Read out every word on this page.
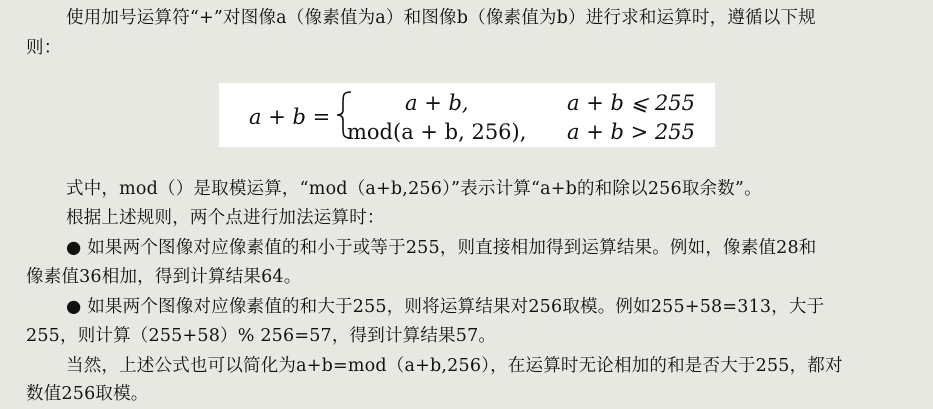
使用加号运算符“+”对图像a（像素值为a）和图像b（像素值为b）进行求和运算时，遵循以下规
则：
a + b =
a + b,	a + b ⩽ 255
mod(a + b, 256), a + b > 255
式中，mod（）是取模运算，“mod（a+b,256）”表示计算“a+b的和除以256取余数”。
根据上述规则，两个点进行加法运算时：
● 如果两个图像对应像素值的和小于或等于255，则直接相加得到运算结果。例如，像素值28和
像素值36相加，得到计算结果64。
● 如果两个图像对应像素值的和大于255，则将运算结果对256取模。例如255+58=313，大于
255，则计算（255+58）% 256=57，得到计算结果57。
当然，上述公式也可以简化为a+b=mod（a+b,256），在运算时无论相加的和是否大于255，都对
数值256取模。
